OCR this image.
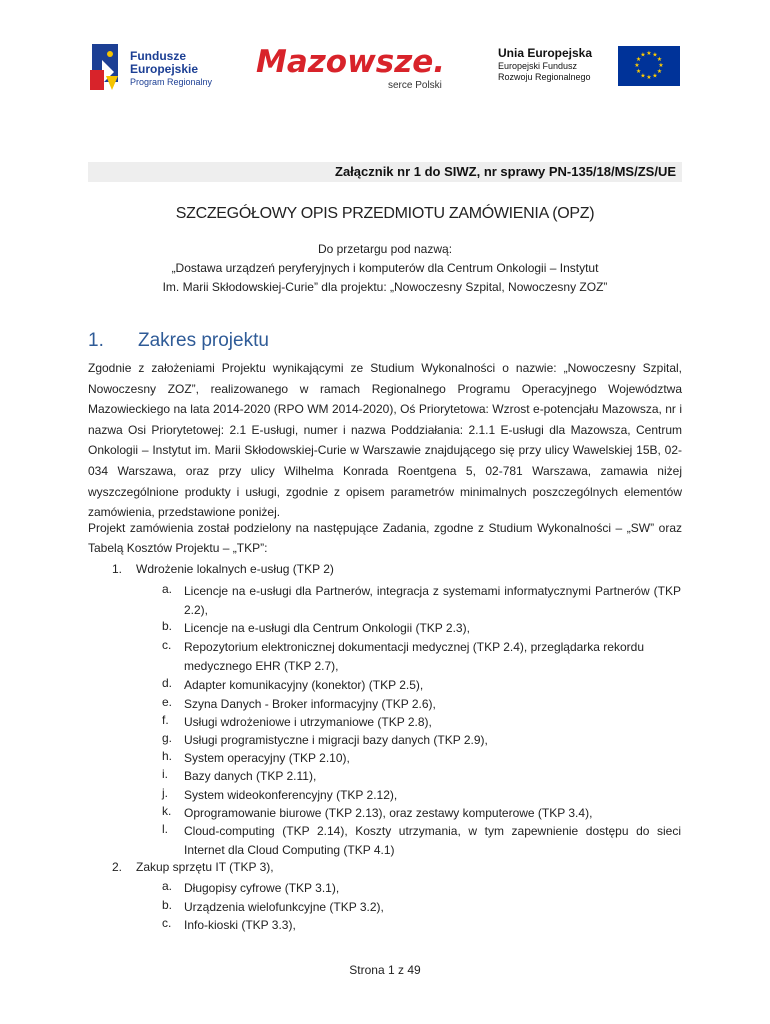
Fundusze
Europejskie
Program Regionalny
Mazowsze.
serce Polski
Unia Europejska
Europejski Fundusz
Rozwoju Regionalnego
★ ★
★
★
★
★
★
★
★
★
★
★
Załącznik nr 1 do SIWZ, nr sprawy PN-135/18/MS/ZS/UE
SZCZEGÓŁOWY OPIS PRZEDMIOTU ZAMÓWIENIA (OPZ)
Do przetargu pod nazwą:
„Dostawa urządzeń peryferyjnych i komputerów dla Centrum Onkologii – Instytut
Im. Marii Skłodowskiej-Curie” dla projektu: „Nowoczesny Szpital, Nowoczesny ZOZ”
1. Zakres projektu
Zgodnie z założeniami Projektu wynikającymi ze Studium Wykonalności o nazwie: „Nowoczesny Szpital, Nowoczesny ZOZ”, realizowanego w ramach Regionalnego Programu Operacyjnego Województwa Mazowieckiego na lata 2014-2020 (RPO WM 2014-2020), Oś Priorytetowa: Wzrost e-potencjału Mazowsza, nr i nazwa Osi Priorytetowej: 2.1 E-usługi, numer i nazwa Poddziałania: 2.1.1 E-usługi dla Mazowsza, Centrum Onkologii – Instytut im. Marii Skłodowskiej-Curie w Warszawie znajdującego się przy ulicy Wawelskiej 15B, 02-034 Warszawa, oraz przy ulicy Wilhelma Konrada Roentgena 5, 02-781 Warszawa, zamawia niżej wyszczególnione produkty i usługi, zgodnie z opisem parametrów minimalnych poszczególnych elementów zamówienia, przedstawione poniżej.
Projekt zamówienia został podzielony na następujące Zadania, zgodne z Studium Wykonalności – „SW” oraz Tabelą Kosztów Projektu – „TKP”:
1. Wdrożenie lokalnych e-usług (TKP 2)
a. Licencje na e-usługi dla Partnerów, integracja z systemami informatycznymi Partnerów (TKP 2.2),
b. Licencje na e-usługi dla Centrum Onkologii (TKP 2.3),
c. Repozytorium elektronicznej dokumentacji medycznej (TKP 2.4), przeglądarka rekordu medycznego EHR (TKP 2.7),
d. Adapter komunikacyjny (konektor) (TKP 2.5),
e. Szyna Danych - Broker informacyjny (TKP 2.6),
f. Usługi wdrożeniowe i utrzymaniowe (TKP 2.8),
g. Usługi programistyczne i migracji bazy danych (TKP 2.9),
h. System operacyjny (TKP 2.10),
i. Bazy danych (TKP 2.11),
j. System wideokonferencyjny (TKP 2.12),
k. Oprogramowanie biurowe (TKP 2.13), oraz zestawy komputerowe (TKP 3.4),
l. Cloud-computing (TKP 2.14), Koszty utrzymania, w tym zapewnienie dostępu do sieci Internet dla Cloud Computing (TKP 4.1)
2. Zakup sprzętu IT (TKP 3),
a. Długopisy cyfrowe (TKP 3.1),
b. Urządzenia wielofunkcyjne (TKP 3.2),
c. Info-kioski (TKP 3.3),
Strona 1 z 49
